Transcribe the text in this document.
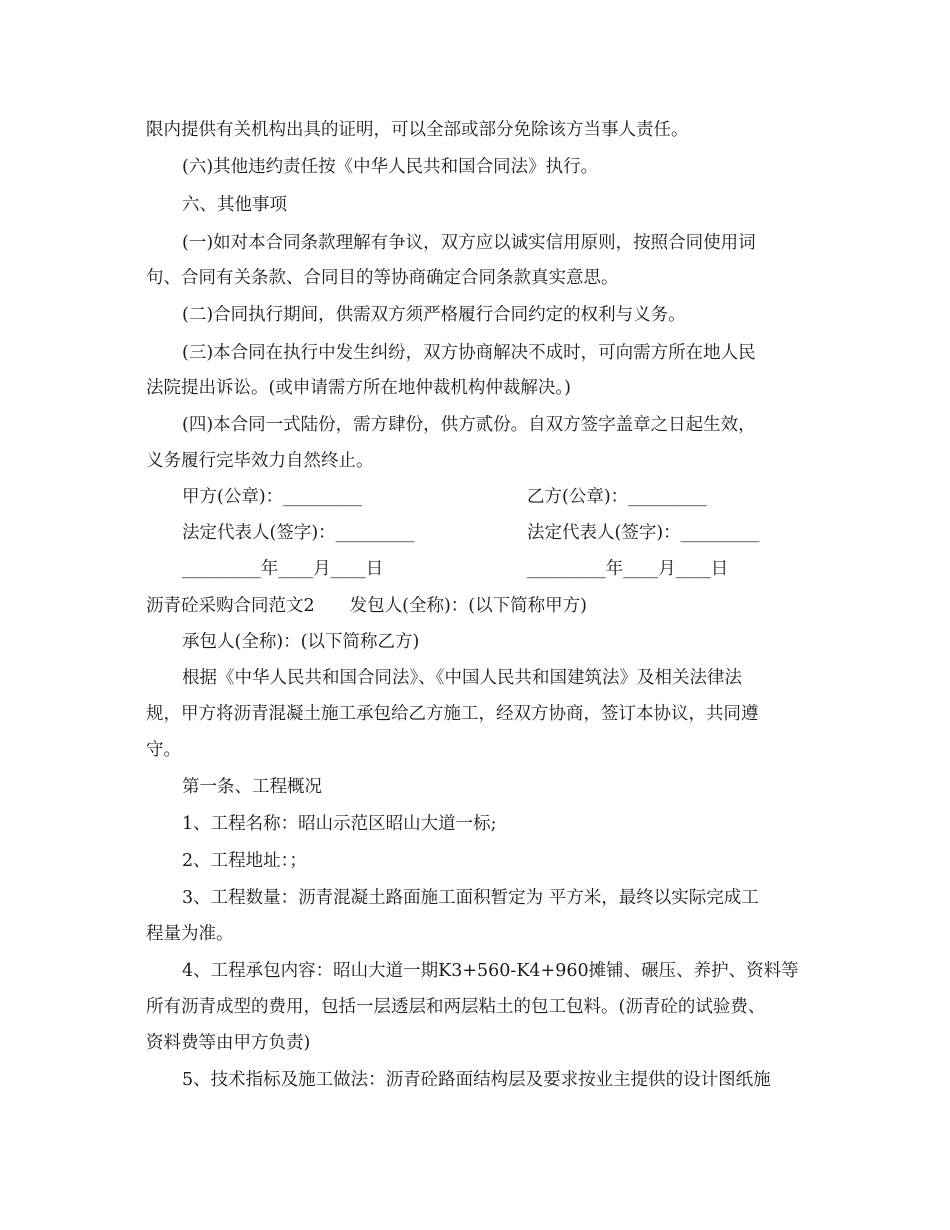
限内提供有关机构出具的证明，可以全部或部分免除该方当事人责任。
(六)其他违约责任按《中华人民共和国合同法》执行。
六、其他事项
(一)如对本合同条款理解有争议，双方应以诚实信用原则，按照合同使用词
句、合同有关条款、合同目的等协商确定合同条款真实意思。
(二)合同执行期间，供需双方须严格履行合同约定的权利与义务。
(三)本合同在执行中发生纠纷，双方协商解决不成时，可向需方所在地人民
法院提出诉讼。(或申请需方所在地仲裁机构仲裁解决。)
(四)本合同一式陆份，需方肆份，供方贰份。自双方签字盖章之日起生效，
义务履行完毕效力自然终止。
甲方(公章)：_________	乙方(公章)：_________
法定代表人(签字)：_________	法定代表人(签字)：_________
_________年____月____日	_________年____月____日
沥青砼采购合同范文2　　发包人(全称)：(以下简称甲方)
承包人(全称)：(以下简称乙方)
根据《中华人民共和国合同法》、《中国人民共和国建筑法》及相关法律法
规，甲方将沥青混凝土施工承包给乙方施工，经双方协商，签订本协议，共同遵
守。
第一条、工程概况
1、工程名称：昭山示范区昭山大道一标;
2、工程地址：；
3、工程数量：沥青混凝土路面施工面积暂定为 平方米，最终以实际完成工
程量为准。
4、工程承包内容：昭山大道一期K3+560-K4+960摊铺、碾压、养护、资料等
所有沥青成型的费用，包括一层透层和两层粘土的包工包料。(沥青砼的试验费、
资料费等由甲方负责)
5、技术指标及施工做法：沥青砼路面结构层及要求按业主提供的设计图纸施
